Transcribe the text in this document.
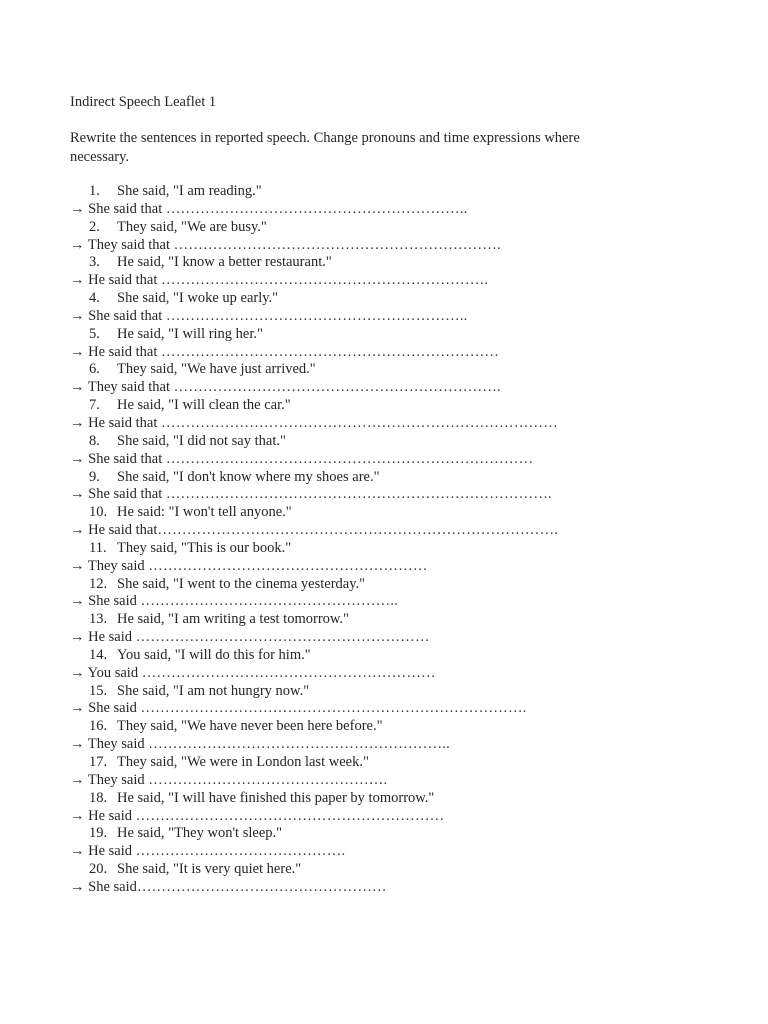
Indirect Speech Leaflet 1
Rewrite the sentences in reported speech. Change pronouns and time expressions where necessary.
1. She said, "I am reading."
→ She said that ……………………………………………………..
2. They said, "We are busy."
→ They said that ………………………………………………………….
3. He said, "I know a better restaurant."
→ He said that ………………………………………………………….
4. She said, "I woke up early."
→ She said that ……………………………………………………..
5. He said, "I will ring her."
→ He said that ……………………………………………………………
6. They said, "We have just arrived."
→ They said that ………………………………………………………….
7. He said, "I will clean the car."
→ He said that ………………………………………………………………………
8. She said, "I did not say that."
→ She said that …………………………………………………………………
9. She said, "I don't know where my shoes are."
→ She said that …………………………………………………………………….
10. He said: "I won't tell anyone."
→ He said that……………………………………………………………………….
11. They said, "This is our book."
→ They said …………………………………………………
12. She said, "I went to the cinema yesterday."
→ She said ……………………………………………..
13. He said, "I am writing a test tomorrow."
→ He said ……………………………………………………
14. You said, "I will do this for him."
→ You said ……………………………………………………
15. She said, "I am not hungry now."
→ She said …………………………………………………………………….
16. They said, "We have never been here before."
→ They said ……………………………………………………..
17. They said, "We were in London last week."
→ They said ………………………………………….
18. He said, "I will have finished this paper by tomorrow."
→ He said ………………………………………………………
19. He said, "They won't sleep."
→ He said …………………………………….
20. She said, "It is very quiet here."
→ She said……………………………………………
